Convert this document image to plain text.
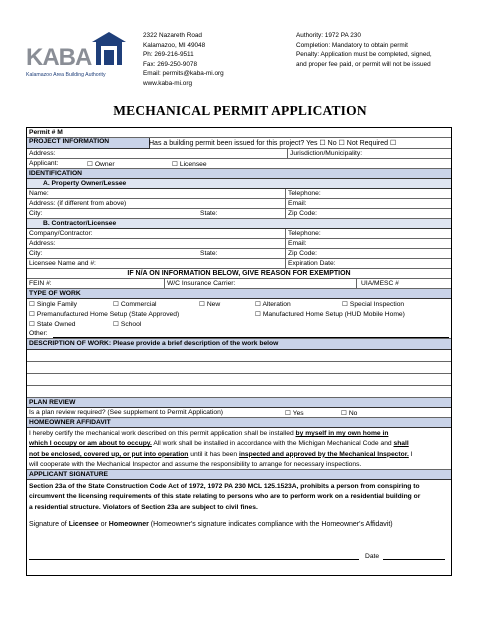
KABA
Kalamazoo Area Building Authority
2322 Nazareth Road
Kalamazoo, MI 49048
Ph: 269-216-9511
Fax: 269-250-9078
Email: permits@kaba-mi.org
www.kaba-mi.org
Authority: 1972 PA 230
Completion: Mandatory to obtain permit
Penalty: Application must be completed, signed,
and proper fee paid, or permit will not be issued
MECHANICAL PERMIT APPLICATION
Permit # M
PROJECT INFORMATION	Has a building permit been issued for this project? Yes ☐ No ☐ Not Required ☐
Address:	Jurisdiction/Municipality:
Applicant:	☐ Owner	☐ Licensee
IDENTIFICATION
A. Property Owner/Lessee
Name:	Telephone:
Address: (if different from above)	Email:
City:	State:	Zip Code:
B. Contractor/Licensee
Company/Contractor:	Telephone:
Address:	Email:
City:	State:	Zip Code:
Licensee Name and #:	Expiration Date:
IF N/A ON INFORMATION BELOW, GIVE REASON FOR EXEMPTION
FEIN #:	W/C Insurance Carrier:	UIA/MESC #
TYPE OF WORK
☐ Single Family	☐ Commercial	☐ New	☐ Alteration	☐ Special Inspection
☐ Premanufactured Home Setup (State Approved)	☐ Manufactured Home Setup (HUD Mobile Home)
☐ State Owned	☐ School
Other:
DESCRIPTION OF WORK: Please provide a brief description of the work below
PLAN REVIEW
Is a plan review required? (See supplement to Permit Application)	☐ Yes	☐ No
HOMEOWNER AFFIDAVIT
I hereby certify the mechanical work described on this permit application shall be installed by myself in my own home in
which I occupy or am about to occupy. All work shall be installed in accordance with the Michigan Mechanical Code and shall
not be enclosed, covered up, or put into operation until it has been inspected and approved by the Mechanical Inspector. I
will cooperate with the Mechanical Inspector and assume the responsibility to arrange for necessary inspections.
APPLICANT SIGNATURE
Section 23a of the State Construction Code Act of 1972, 1972 PA 230 MCL 125.1523A, prohibits a person from conspiring to
circumvent the licensing requirements of this state relating to persons who are to perform work on a residential building or
a residential structure. Violators of Section 23a are subject to civil fines.
Signature of Licensee or Homeowner (Homeowner's signature indicates compliance with the Homeowner's Affidavit)
Date
